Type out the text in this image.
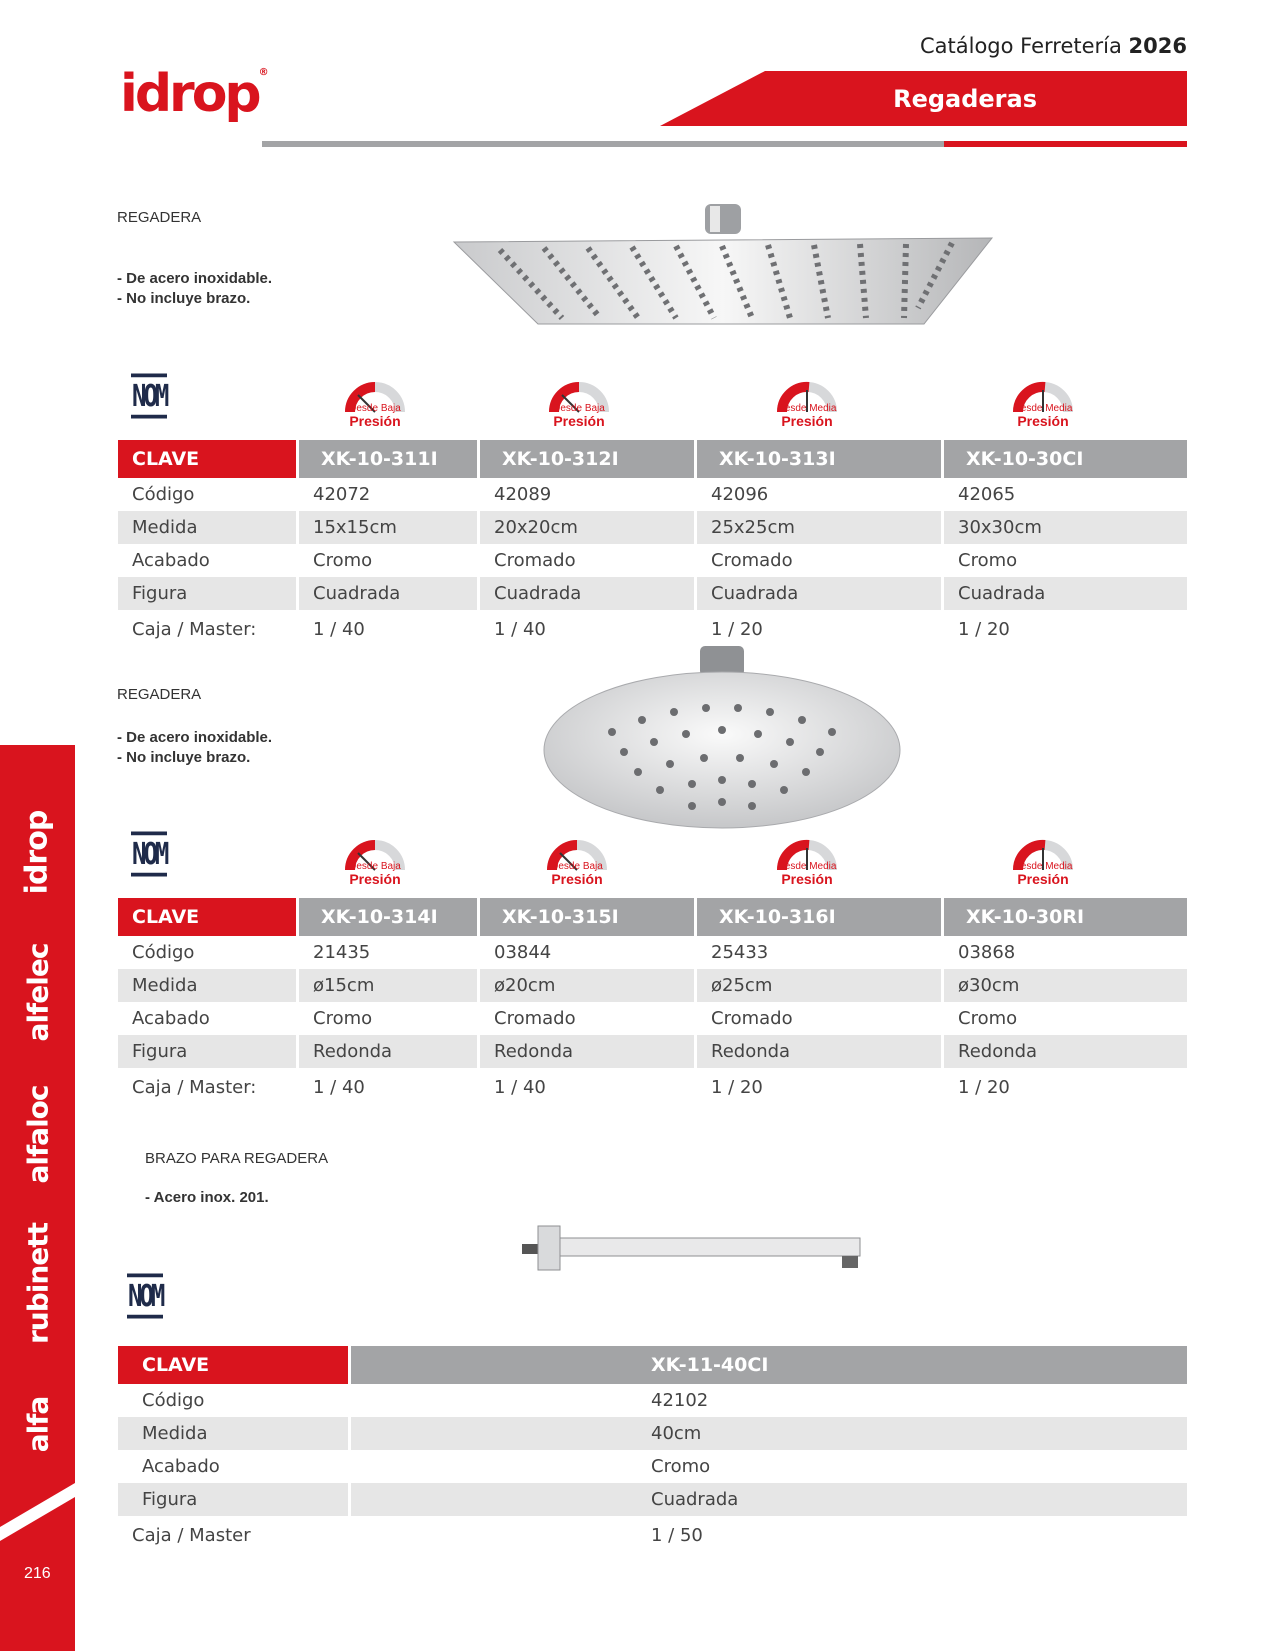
Catálogo Ferretería 2026
idrop®
Regaderas
REGADERA
- De acero inoxidable.
- No incluye brazo.
NOM	Desde Baja
Presión
Desde Baja
Presión
Desde Media
Presión
Desde Media
Presión
CLAVE	XK-10-311I	XK-10-312I	XK-10-313I	XK-10-30CI
Código	42072	42089	42096	42065
Medida	15x15cm	20x20cm	25x25cm	30x30cm
Acabado	Cromo	Cromado	Cromado	Cromo
Figura	Cuadrada	Cuadrada	Cuadrada	Cuadrada
Caja / Master:	1 / 40	1 / 40	1 / 20	1 / 20
REGADERA
- De acero inoxidable.
- No incluye brazo.
NOM	Desde Baja
Presión
Desde Baja
Presión
Desde Media
Presión
Desde Media
Presión
CLAVE	XK-10-314I	XK-10-315I	XK-10-316I	XK-10-30RI
Código	21435	03844	25433	03868
Medida	ø15cm	ø20cm	ø25cm	ø30cm
Acabado	Cromo	Cromado	Cromado	Cromo
Figura	Redonda	Redonda	Redonda	Redonda
Caja / Master:	1 / 40	1 / 40	1 / 20	1 / 20
BRAZO PARA REGADERA
- Acero inox. 201.
NOM
CLAVE	XK-11-40CI
Código	42102
Medida	40cm
Acabado	Cromo
Figura	Cuadrada
Caja / Master	1 / 50
idrop
alfelec
alfaloc
rubinett
alfa
216
